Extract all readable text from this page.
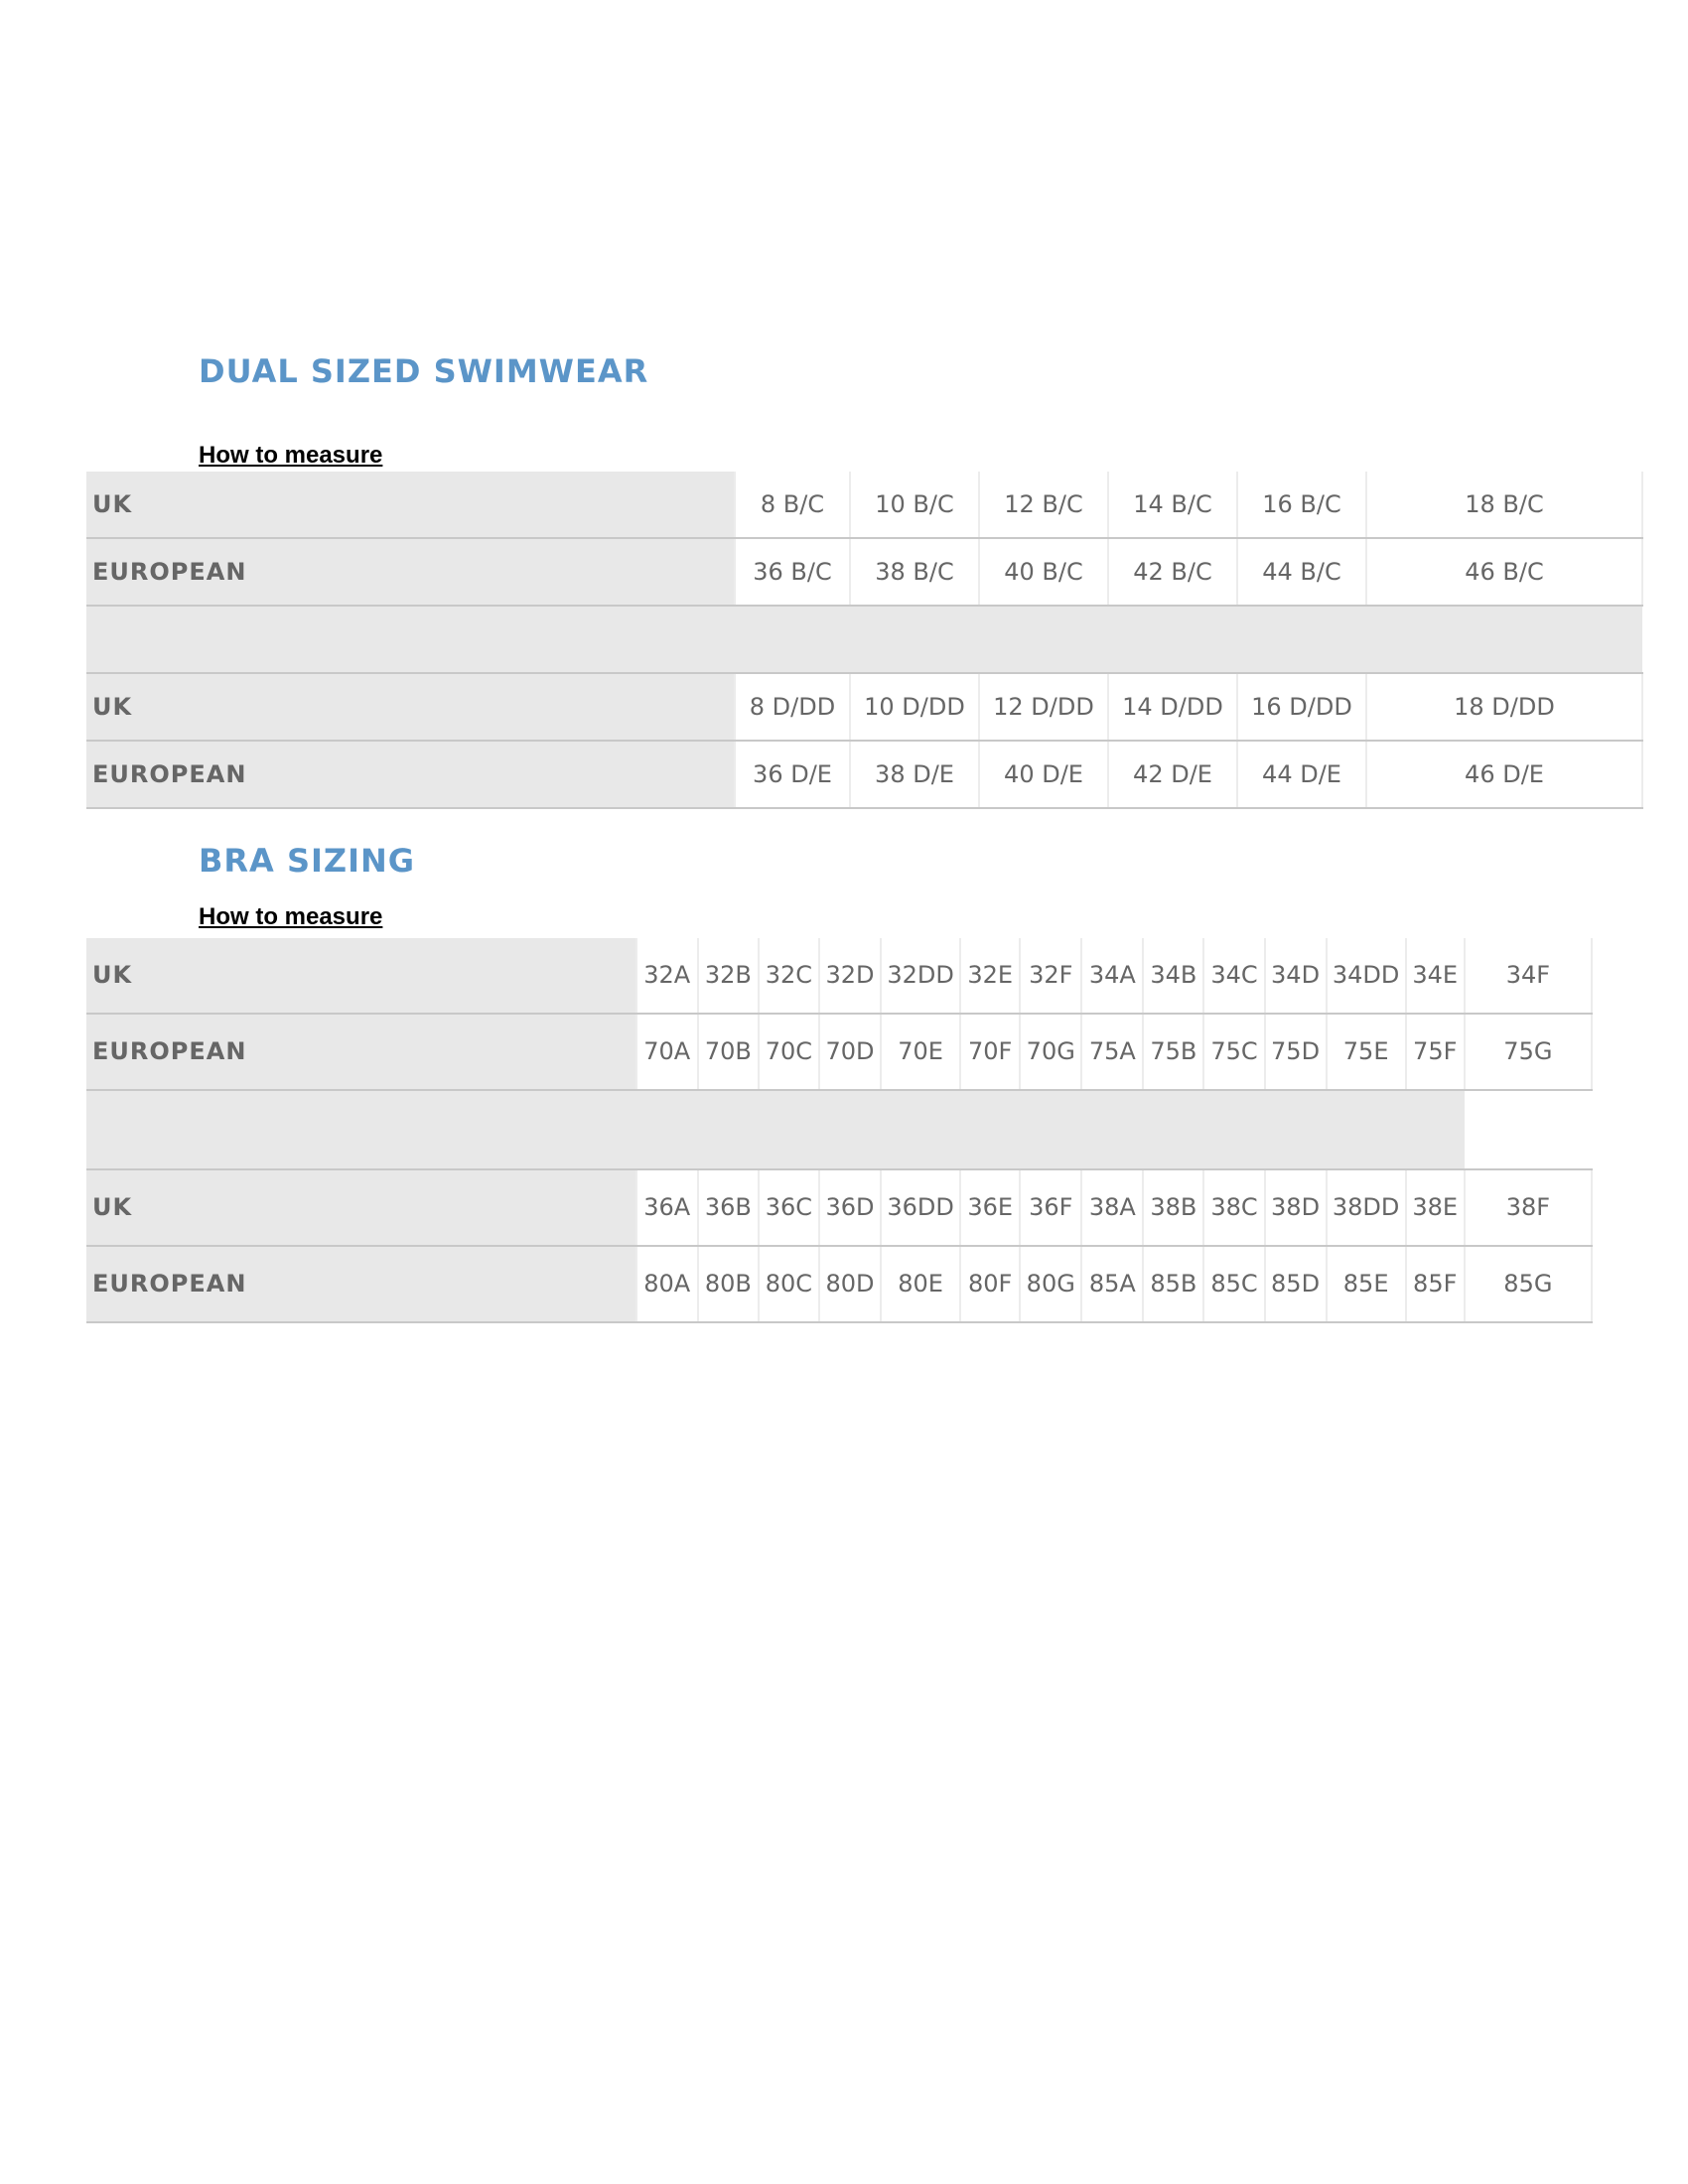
DUAL SIZED SWIMWEAR
How to measure
UK	8 B/C	10 B/C	12 B/C	14 B/C	16 B/C	18 B/C
EUROPEAN	36 B/C	38 B/C	40 B/C	42 B/C	44 B/C	46 B/C

UK	8 D/DD	10 D/DD	12 D/DD	14 D/DD	16 D/DD	18 D/DD
EUROPEAN	36 D/E	38 D/E	40 D/E	42 D/E	44 D/E	46 D/E
BRA SIZING
How to measure
UK	32A	32B	32C	32D	32DD	32E	32F	34A	34B	34C	34D	34DD	34E	34F
EUROPEAN	70A	70B	70C	70D	70E	70F	70G	75A	75B	75C	75D	75E	75F	75G

UK	36A	36B	36C	36D	36DD	36E	36F	38A	38B	38C	38D	38DD	38E	38F
EUROPEAN	80A	80B	80C	80D	80E	80F	80G	85A	85B	85C	85D	85E	85F	85G
